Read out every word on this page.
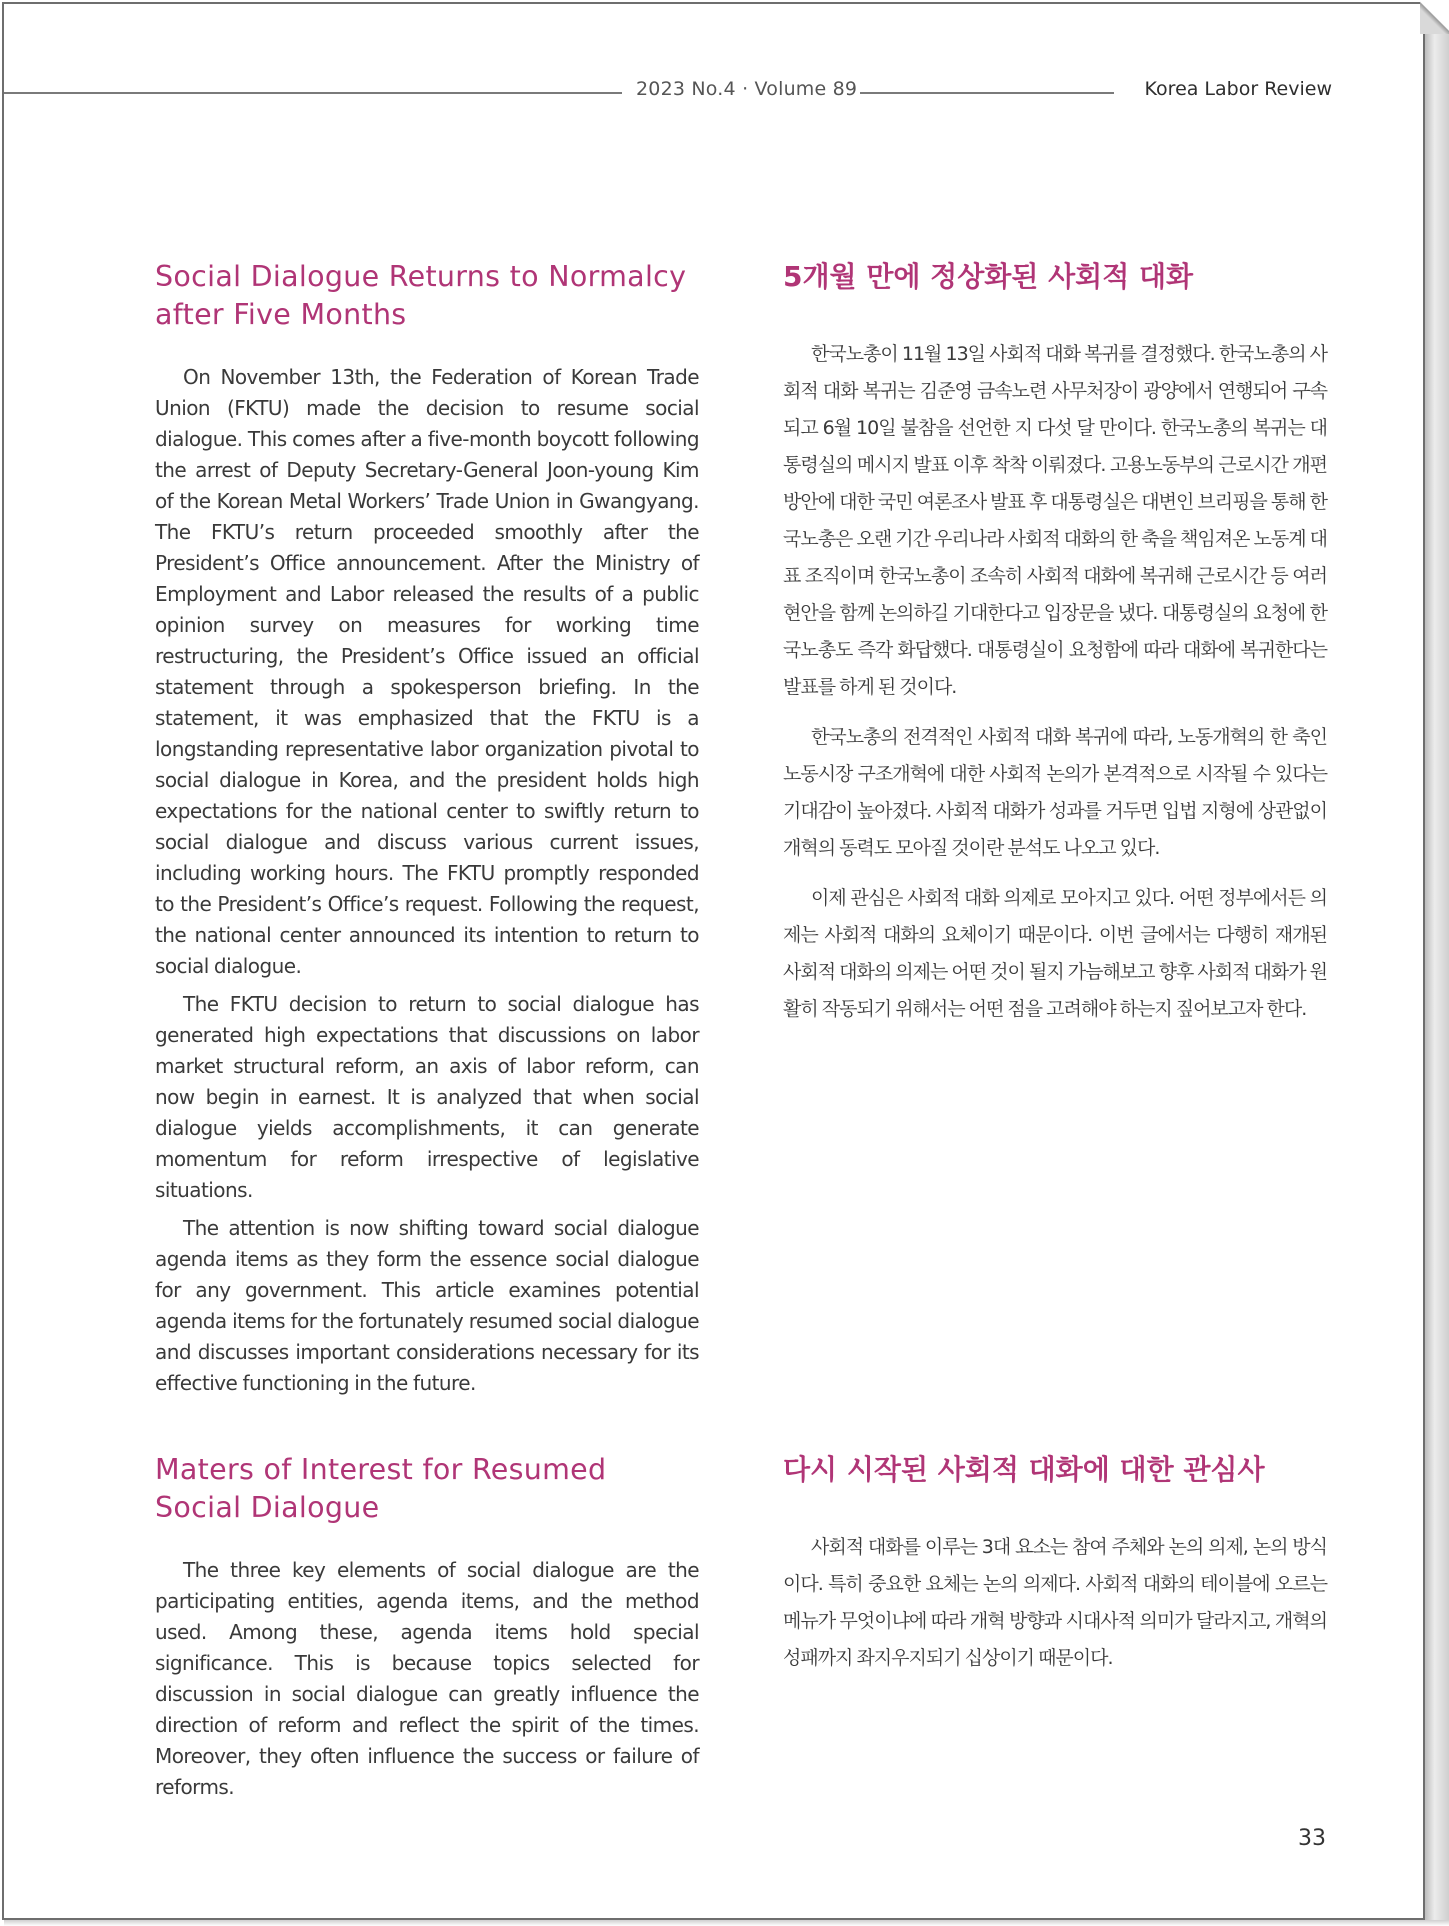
2023 No.4 · Volume 89	Korea Labor Review
Social Dialogue Returns to Normalcy after Five Months

On November 13th, the Federation of Korean Trade Union (FKTU) made the decision to resume social dialogue. This comes after a five-month boycott following the arrest of Deputy Secretary-General Joon-young Kim of the Korean Metal Workers’ Trade Union in Gwangyang. The FKTU’s return proceeded smoothly after the President’s Office announcement. After the Ministry of Employment and Labor released the results of a public opinion survey on measures for working time restructuring, the President’s Office issued an official statement through a spokesperson briefing. In the statement, it was emphasized that the FKTU is a longstanding representative labor organization pivotal to social dialogue in Korea, and the president holds high expectations for the national center to swiftly return to social dialogue and discuss various current issues, including working hours. The FKTU promptly responded to the President’s Office’s request. Following the request, the national center announced its intention to return to social dialogue.

The FKTU decision to return to social dialogue has generated high expectations that discussions on labor market structural reform, an axis of labor reform, can now begin in earnest. It is analyzed that when social dialogue yields accomplishments, it can generate momentum for reform irrespective of legislative situations.

The attention is now shifting toward social dialogue agenda items as they form the essence social dialogue for any government. This article examines potential agenda items for the fortunately resumed social dialogue and discusses important considerations necessary for its effective functioning in the future.

5개월 만에 정상화된 사회적 대화

한국노총이 11월 13일 사회적 대화 복귀를 결정했다. 한국노총의 사회적 대화 복귀는 김준영 금속노련 사무처장이 광양에서 연행되어 구속되고 6월 10일 불참을 선언한 지 다섯 달 만이다. 한국노총의 복귀는 대통령실의 메시지 발표 이후 착착 이뤄졌다. 고용노동부의 근로시간 개편방안에 대한 국민 여론조사 발표 후 대통령실은 대변인 브리핑을 통해 한국노총은 오랜 기간 우리나라 사회적 대화의 한 축을 책임져온 노동계 대표 조직이며 한국노총이 조속히 사회적 대화에 복귀해 근로시간 등 여러 현안을 함께 논의하길 기대한다고 입장문을 냈다. 대통령실의 요청에 한국노총도 즉각 화답했다. 대통령실이 요청함에 따라 대화에 복귀한다는 발표를 하게 된 것이다.

한국노총의 전격적인 사회적 대화 복귀에 따라, 노동개혁의 한 축인 노동시장 구조개혁에 대한 사회적 논의가 본격적으로 시작될 수 있다는 기대감이 높아졌다. 사회적 대화가 성과를 거두면 입법 지형에 상관없이 개혁의 동력도 모아질 것이란 분석도 나오고 있다.

이제 관심은 사회적 대화 의제로 모아지고 있다. 어떤 정부에서든 의제는 사회적 대화의 요체이기 때문이다. 이번 글에서는 다행히 재개된 사회적 대화의 의제는 어떤 것이 될지 가늠해보고 향후 사회적 대화가 원활히 작동되기 위해서는 어떤 점을 고려해야 하는지 짚어보고자 한다.

Maters of Interest for Resumed Social Dialogue

The three key elements of social dialogue are the participating entities, agenda items, and the method used. Among these, agenda items hold special significance. This is because topics selected for discussion in social dialogue can greatly influence the direction of reform and reflect the spirit of the times. Moreover, they often influence the success or failure of reforms.

다시 시작된 사회적 대화에 대한 관심사

사회적 대화를 이루는 3대 요소는 참여 주체와 논의 의제, 논의 방식이다. 특히 중요한 요체는 논의 의제다. 사회적 대화의 테이블에 오르는 메뉴가 무엇이냐에 따라 개혁 방향과 시대사적 의미가 달라지고, 개혁의 성패까지 좌지우지되기 십상이기 때문이다.

33
